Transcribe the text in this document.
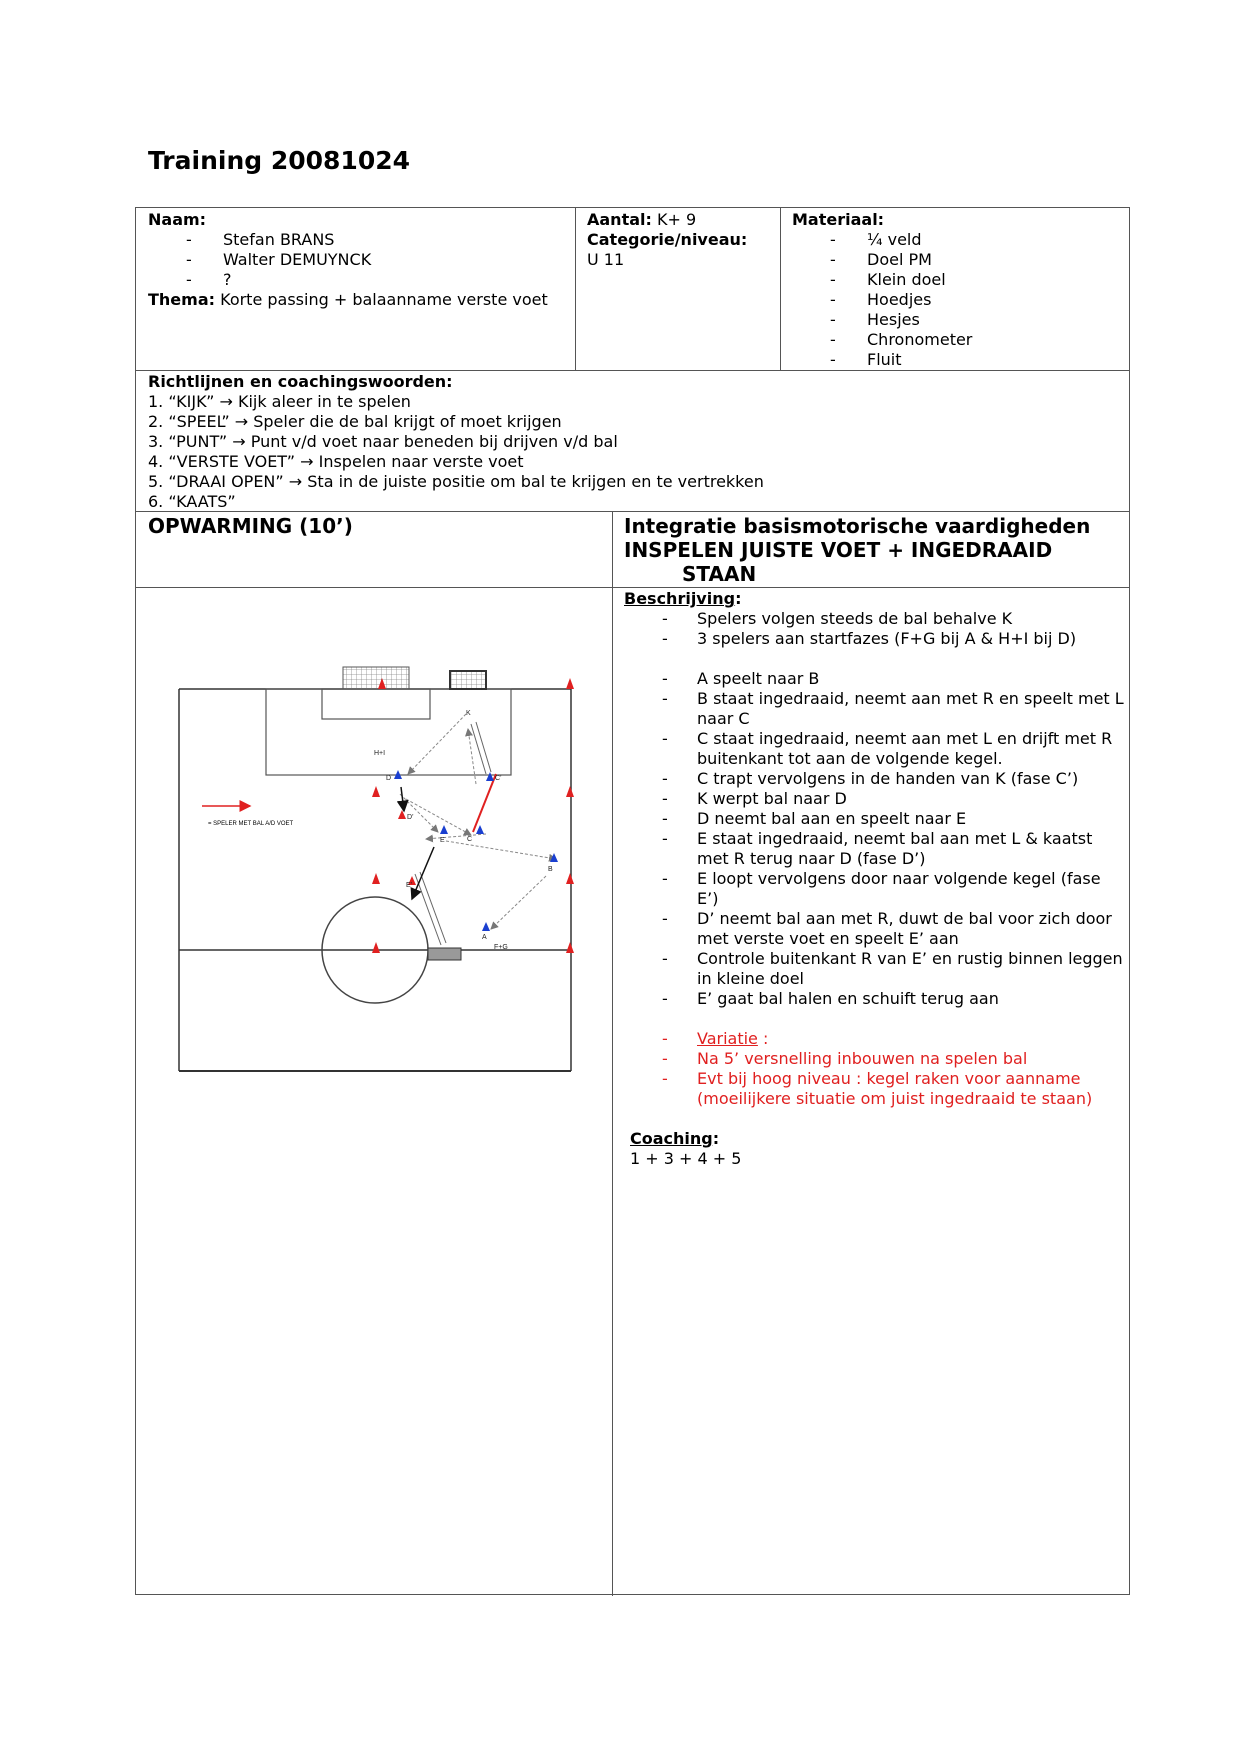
Training 20081024
Naam:
- Stefan BRANS
- Walter DEMUYNCK
- ?
Thema: Korte passing + balaanname verste voet
Aantal: K+ 9
Categorie/niveau:
U 11
Materiaal:
- ¼ veld
- Doel PM
- Klein doel
- Hoedjes
- Hesjes
- Chronometer
- Fluit
Richtlijnen en coachingswoorden:
1. “KIJK” → Kijk aleer in te spelen
2. “SPEEL” → Speler die de bal krijgt of moet krijgen
3. “PUNT” → Punt v/d voet naar beneden bij drijven v/d bal
4. “VERSTE VOET” → Inspelen naar verste voet
5. “DRAAI OPEN” → Sta in de juiste positie om bal te krijgen en te vertrekken
6. “KAATS”
OPWARMING (10’)	Integratie basismotorische vaardigheden
INSPELEN JUISTE VOET + INGEDRAAID
STAAN
= SPELER MET BAL A/D VOET
K
H+I
D	C’
D’
E	C
B
E’
A
F+G
Beschrijving:
- Spelers volgen steeds de bal behalve K
- 3 spelers aan startfazes (F+G bij A & H+I bij D)
- A speelt naar B
- B staat ingedraaid, neemt aan met R en speelt met L naar C
- C staat ingedraaid, neemt aan met L en drijft met R buitenkant tot aan de volgende kegel.
- C trapt vervolgens in de handen van K (fase C’)
- K werpt bal naar D
- D neemt bal aan en speelt naar E
- E staat ingedraaid, neemt bal aan met L & kaatst met R terug naar D (fase D’)
- E loopt vervolgens door naar volgende kegel (fase E’)
- D’ neemt bal aan met R, duwt de bal voor zich door met verste voet en speelt E’ aan
- Controle buitenkant R van E’ en rustig binnen leggen in kleine doel
- E’ gaat bal halen en schuift terug aan
- Variatie :
- Na 5’ versnelling inbouwen na spelen bal
- Evt bij hoog niveau : kegel raken voor aanname (moeilijkere situatie om juist ingedraaid te staan)
Coaching:
1 + 3 + 4 + 5
